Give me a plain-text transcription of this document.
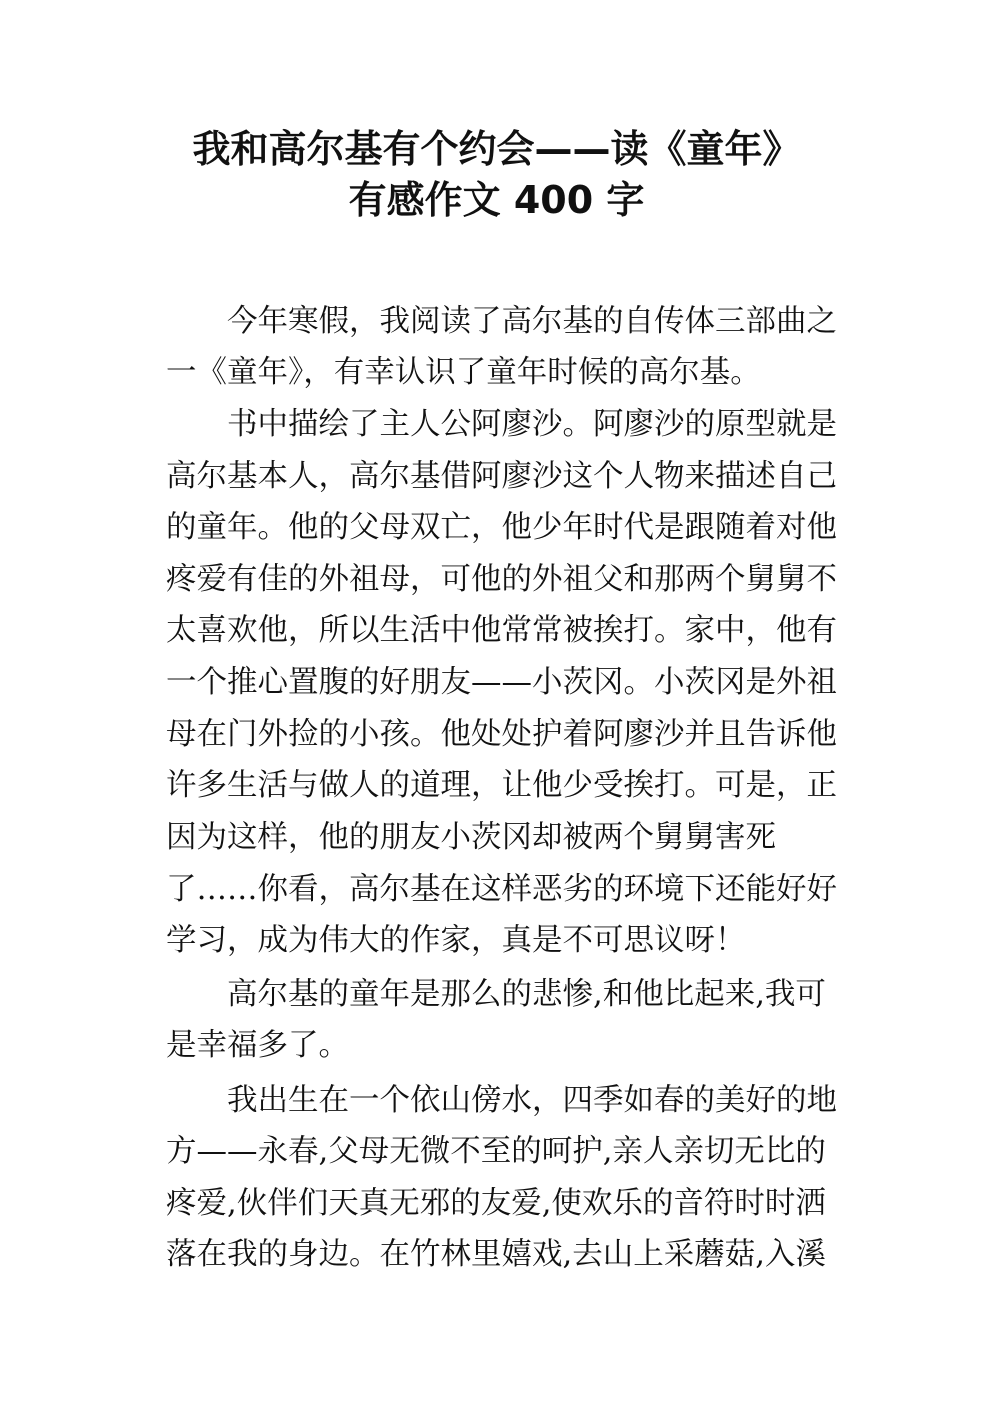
我和高尔基有个约会——读《童年》
有感作文 400 字

今年寒假，我阅读了高尔基的自传体三部曲之

一《童年》，有幸认识了童年时候的高尔基。

书中描绘了主人公阿廖沙。阿廖沙的原型就是

高尔基本人，高尔基借阿廖沙这个人物来描述自己

的童年。他的父母双亡，他少年时代是跟随着对他

疼爱有佳的外祖母，可他的外祖父和那两个舅舅不

太喜欢他，所以生活中他常常被挨打。家中，他有

一个推心置腹的好朋友——小茨冈。小茨冈是外祖

母在门外捡的小孩。他处处护着阿廖沙并且告诉他

许多生活与做人的道理，让他少受挨打。可是，正

因为这样，他的朋友小茨冈却被两个舅舅害死

了……你看，高尔基在这样恶劣的环境下还能好好

学习，成为伟大的作家，真是不可思议呀！

高尔基的童年是那么的悲惨,和他比起来,我可

是幸福多了。

我出生在一个依山傍水，四季如春的美好的地

方——永春,父母无微不至的呵护,亲人亲切无比的

疼爱,伙伴们天真无邪的友爱,使欢乐的音符时时洒

落在我的身边。在竹林里嬉戏,去山上采蘑菇,入溪
